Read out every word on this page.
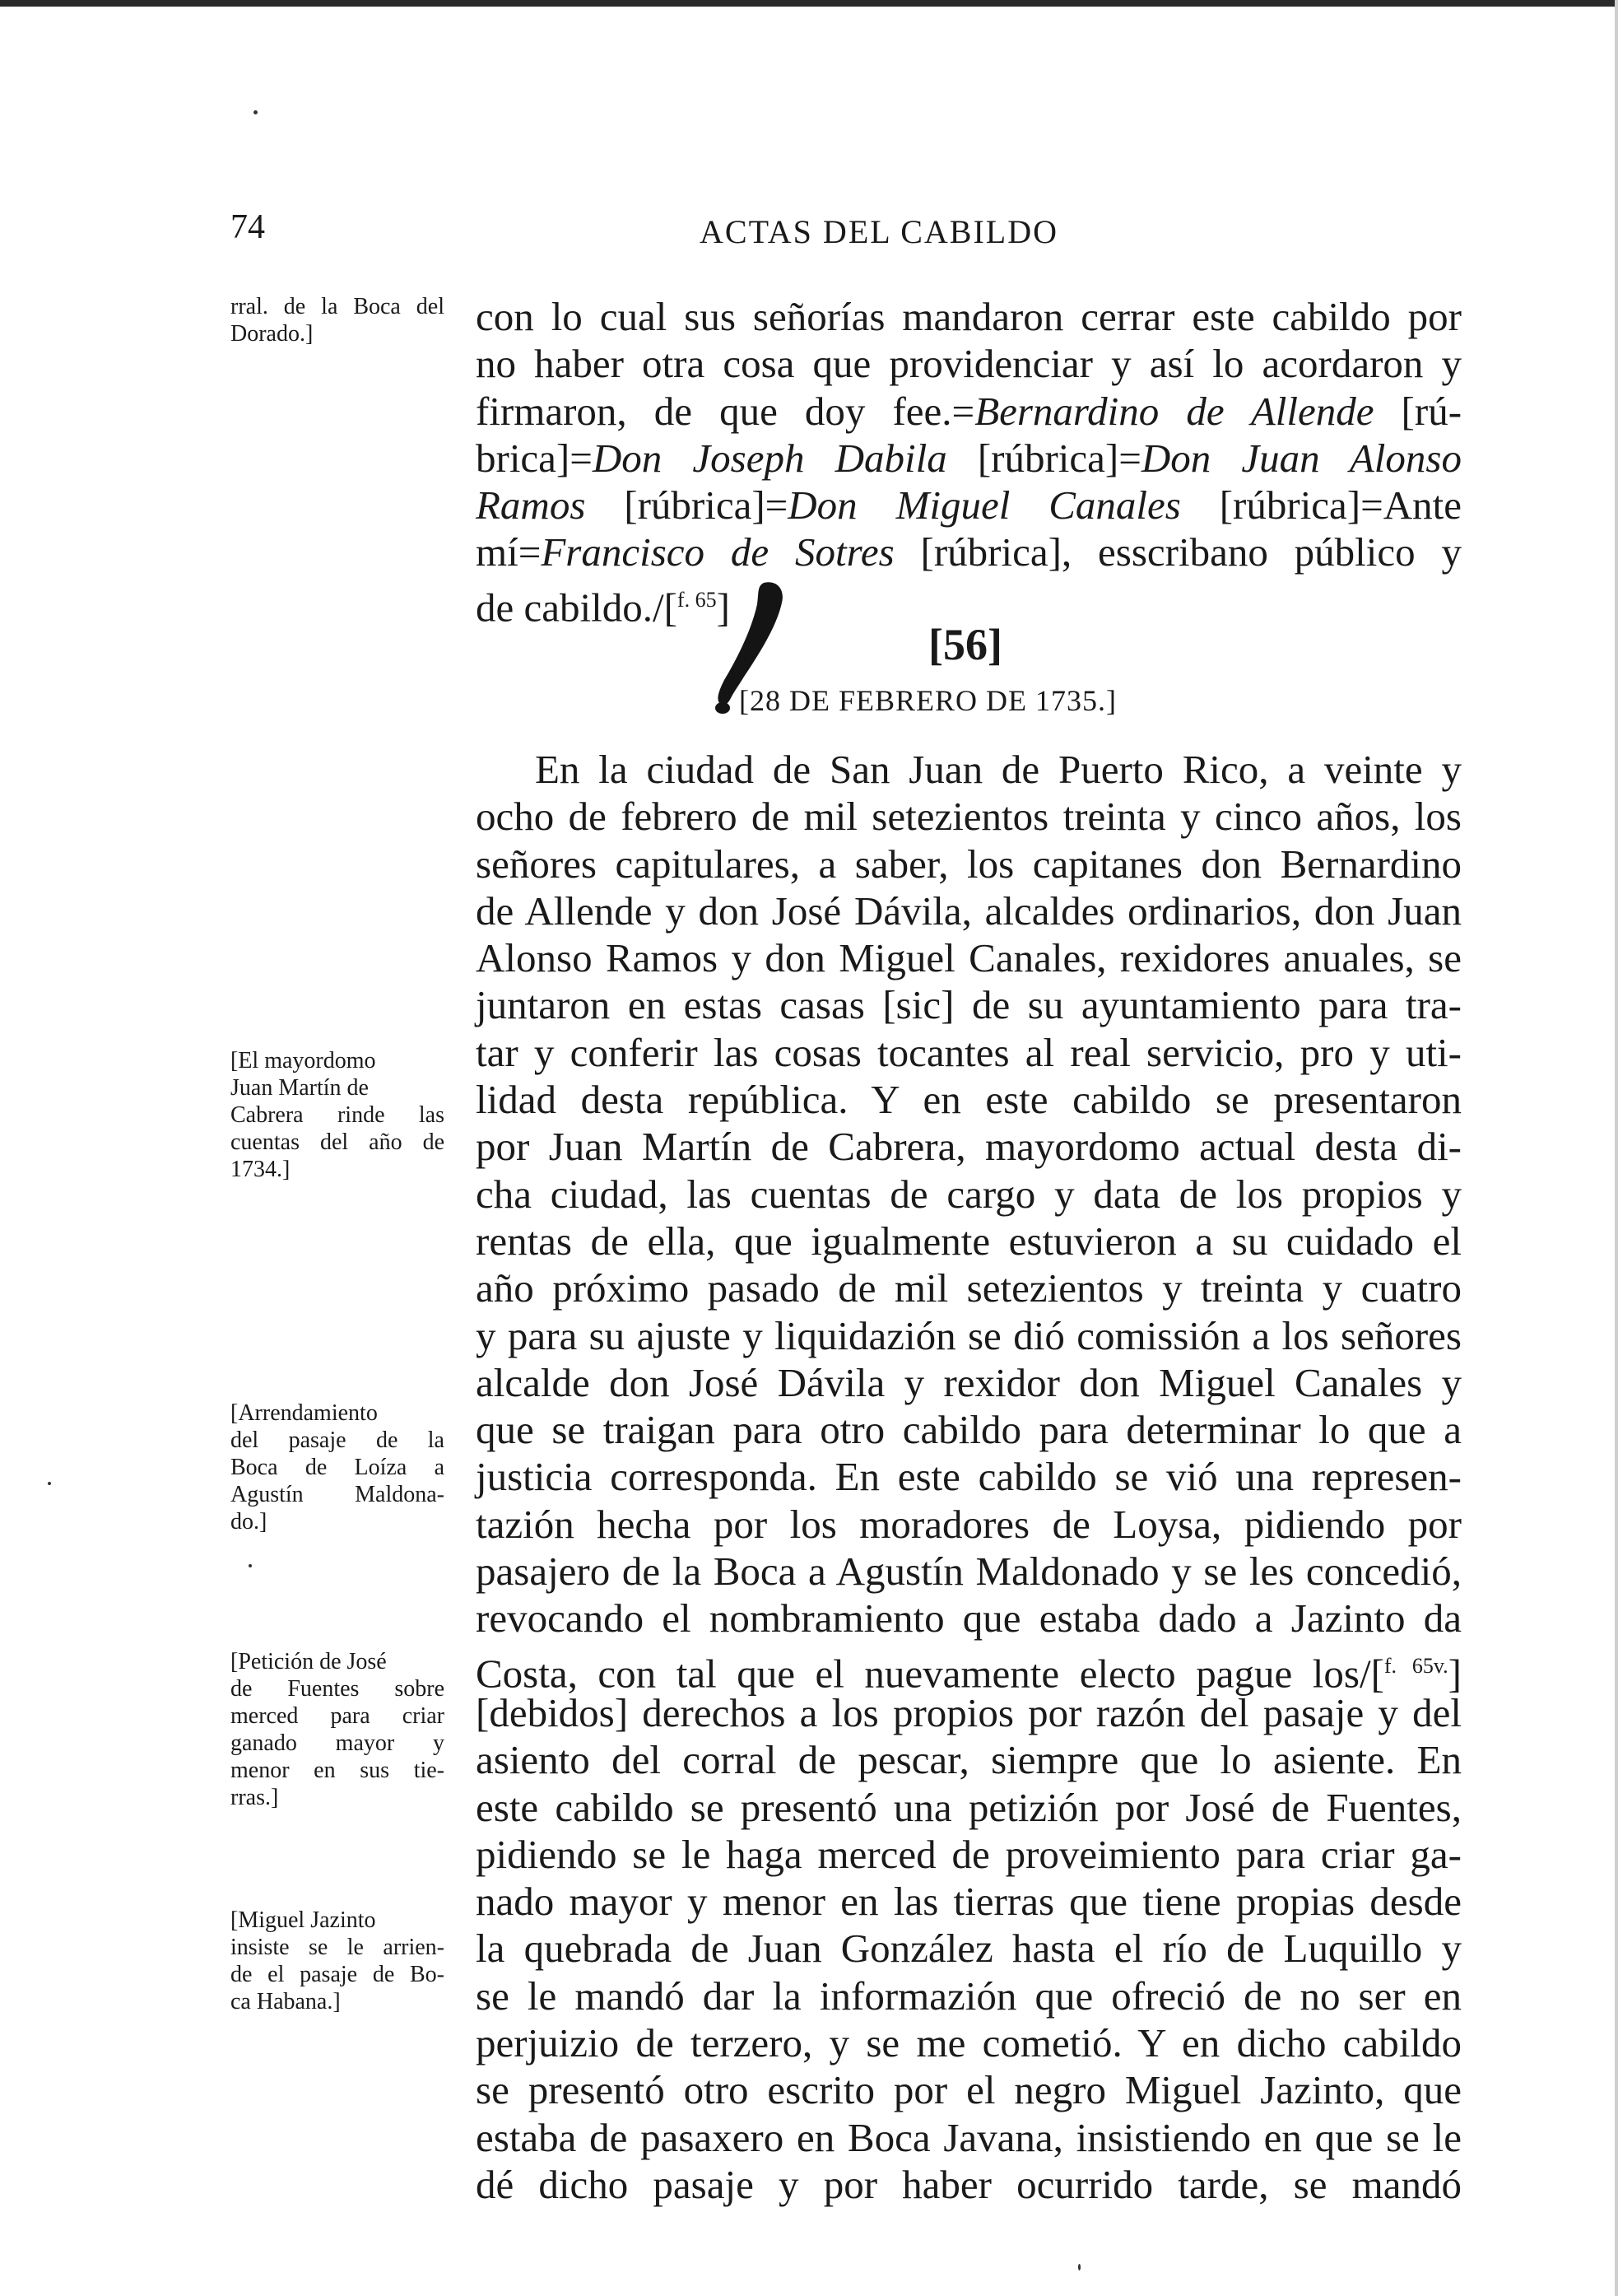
74	ACTAS DEL CABILDO
rral. de la Boca del
Dorado.]
[El mayordomo
Juan Martín de
Cabrera rinde las
cuentas del año de
1734.]
[Arrendamiento
del pasaje de la
Boca de Loíza a
Agustín Maldona-
do.]
[Petición de José
de Fuentes sobre
merced para criar
ganado mayor y
menor en sus tie-
rras.]
[Miguel Jazinto
insiste se le arrien-
de el pasaje de Bo-
ca Habana.]
con lo cual sus señorías mandaron cerrar este cabildo por
no haber otra cosa que providenciar y así lo acordaron y
firmaron, de que doy fee.=Bernardino de Allende [rú-
brica]=Don Joseph Dabila [rúbrica]=Don Juan Alonso
Ramos [rúbrica]=Don Miguel Canales [rúbrica]=Ante
mí=Francisco de Sotres [rúbrica], esscribano público y
de cabildo./[$^{f. 65}$]
[56]
[28 DE FEBRERO DE 1735.]
En la ciudad de San Juan de Puerto Rico, a veinte y
ocho de febrero de mil setezientos treinta y cinco años, los
señores capitulares, a saber, los capitanes don Bernardino
de Allende y don José Dávila, alcaldes ordinarios, don Juan
Alonso Ramos y don Miguel Canales, rexidores anuales, se
juntaron en estas casas [sic] de su ayuntamiento para tra-
tar y conferir las cosas tocantes al real servicio, pro y uti-
lidad desta república. Y en este cabildo se presentaron
por Juan Martín de Cabrera, mayordomo actual desta di-
cha ciudad, las cuentas de cargo y data de los propios y
rentas de ella, que igualmente estuvieron a su cuidado el
año próximo pasado de mil setezientos y treinta y cuatro
y para su ajuste y liquidazión se dió comissión a los señores
alcalde don José Dávila y rexidor don Miguel Canales y
que se traigan para otro cabildo para determinar lo que a
justicia corresponda. En este cabildo se vió una represen-
tazión hecha por los moradores de Loysa, pidiendo por
pasajero de la Boca a Agustín Maldonado y se les concedió,
revocando el nombramiento que estaba dado a Jazinto da
Costa, con tal que el nuevamente electo pague los/[$^{f. 65v.}$]
[debidos] derechos a los propios por razón del pasaje y del
asiento del corral de pescar, siempre que lo asiente. En
este cabildo se presentó una petizión por José de Fuentes,
pidiendo se le haga merced de proveimiento para criar ga-
nado mayor y menor en las tierras que tiene propias desde
la quebrada de Juan González hasta el río de Luquillo y
se le mandó dar la informazión que ofreció de no ser en
perjuizio de terzero, y se me cometió. Y en dicho cabildo
se presentó otro escrito por el negro Miguel Jazinto, que
estaba de pasaxero en Boca Javana, insistiendo en que se le
dé dicho pasaje y por haber ocurrido tarde, se mandó
